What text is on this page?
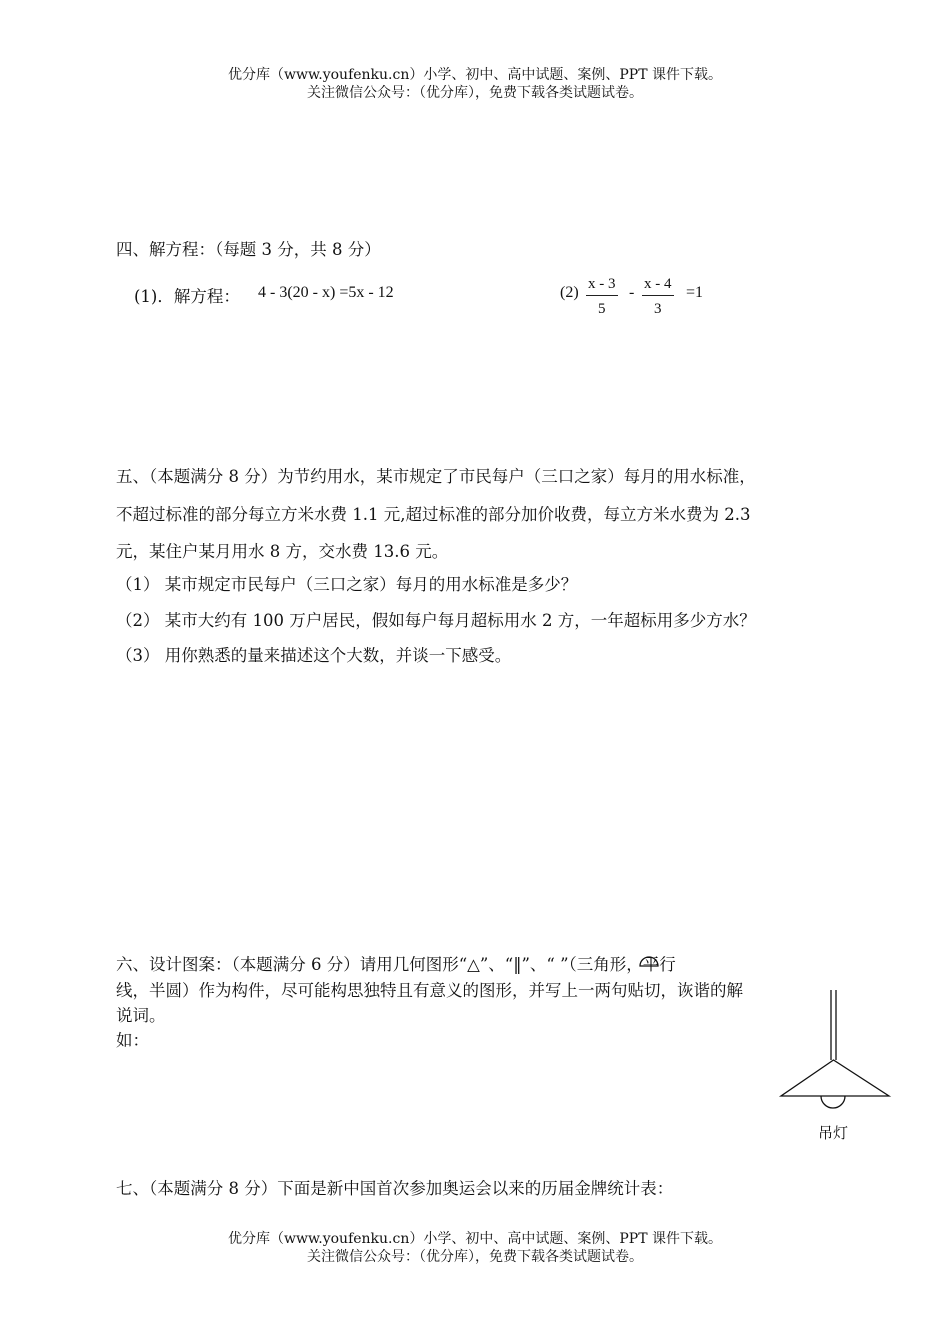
优分库（www.youfenku.cn）小学、初中、高中试题、案例、PPT 课件下载。
关注微信公众号：（优分库），免费下载各类试题试卷。
四、解方程：（每题 3 分，共 8 分）
(1)．解方程： 4 - 3(20 - x) =5x - 12	$(2) \frac{x - 3}{5} - \frac{x - 4}{3} =1$
五、（本题满分 8 分）为节约用水，某市规定了市民每户（三口之家）每月的用水标准，
不超过标准的部分每立方米水费 1.1 元,超过标准的部分加价收费，每立方米水费为 2.3
元，某住户某月用水 8 方，交水费 13.6 元。
（1） 某市规定市民每户（三口之家）每月的用水标准是多少？
（2） 某市大约有 100 万户居民，假如每户每月超标用水 2 方，一年超标用多少方水？
（3） 用你熟悉的量来描述这个大数，并谈一下感受。
六、设计图案：（本题满分 6 分）请用几何图形“△”、“‖”、“ ”（三角形，平行
线，半圆）作为构件，尽可能构思独特且有意义的图形，并写上一两句贴切，诙谐的解
说词。
如：
吊灯
七、（本题满分 8 分）下面是新中国首次参加奥运会以来的历届金牌统计表：
优分库（www.youfenku.cn）小学、初中、高中试题、案例、PPT 课件下载。
关注微信公众号：（优分库），免费下载各类试题试卷。
